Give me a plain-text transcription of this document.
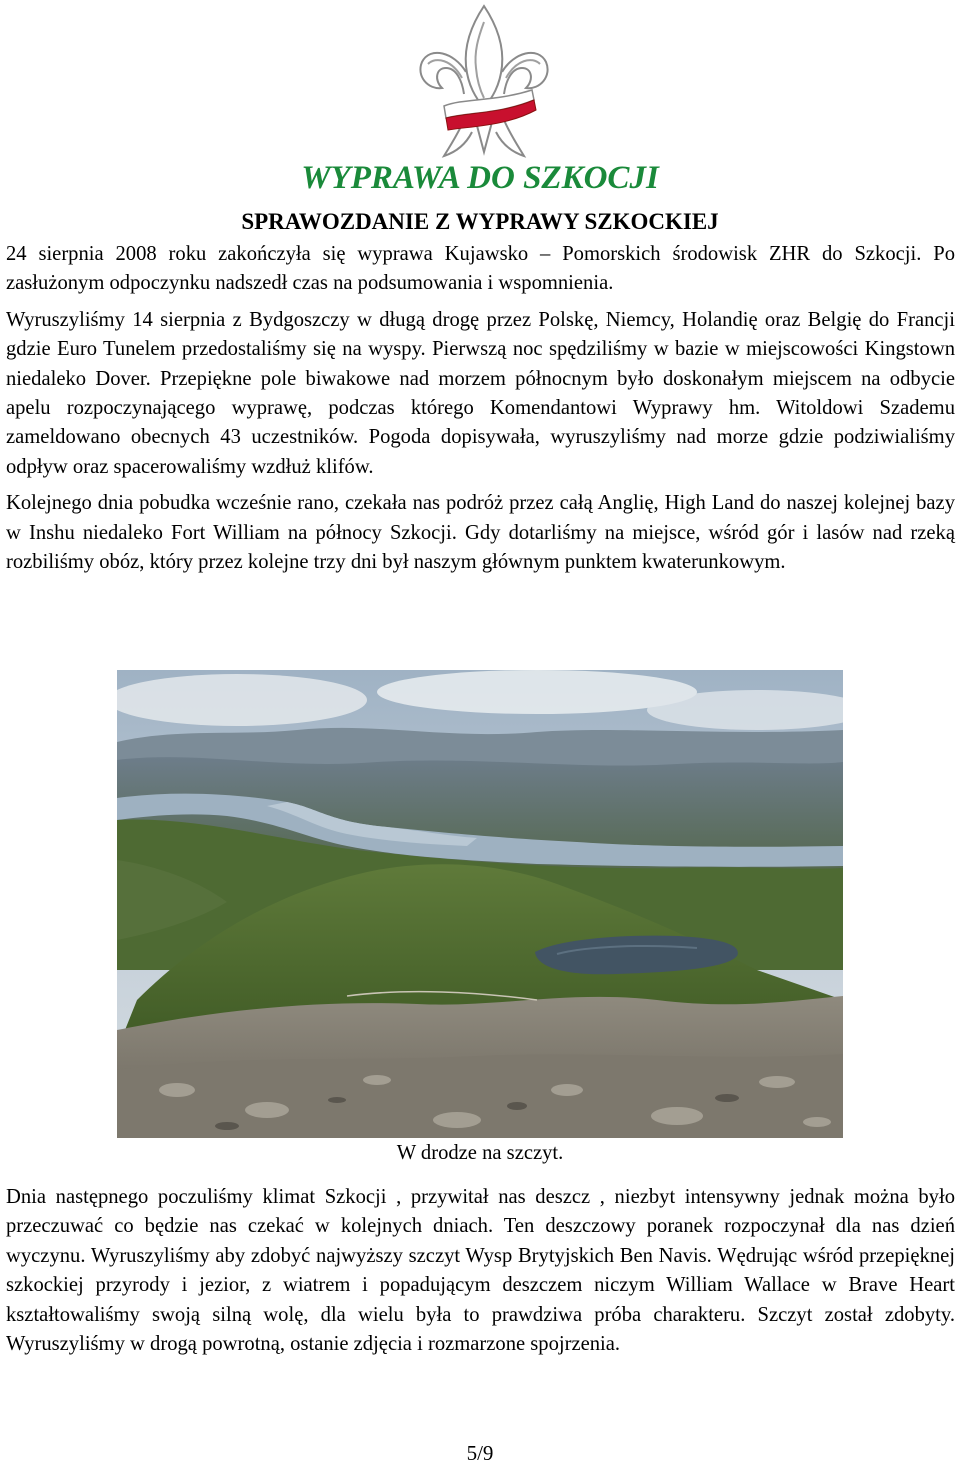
WYPRAWA DO SZKOCJI
SPRAWOZDANIE Z WYPRAWY SZKOCKIEJ

24 sierpnia 2008 roku zakończyła się wyprawa Kujawsko – Pomorskich środowisk ZHR do Szkocji. Po zasłużonym odpoczynku nadszedł czas na podsumowania i wspomnienia.

Wyruszyliśmy 14 sierpnia z Bydgoszczy w długą drogę przez Polskę, Niemcy, Holandię oraz Belgię do Francji gdzie Euro Tunelem przedostaliśmy się na wyspy. Pierwszą noc spędziliśmy w bazie w miejscowości Kingstown niedaleko Dover. Przepiękne pole biwakowe nad morzem północnym było doskonałym miejscem na odbycie apelu rozpoczynającego wyprawę, podczas którego Komendantowi Wyprawy hm. Witoldowi Szademu zameldowano obecnych 43 uczestników. Pogoda dopisywała, wyruszyliśmy nad morze gdzie podziwialiśmy odpływ oraz spacerowaliśmy wzdłuż klifów.

Kolejnego dnia pobudka wcześnie rano, czekała nas podróż przez całą Anglię, High Land do naszej kolejnej bazy w Inshu niedaleko Fort William na północy Szkocji. Gdy dotarliśmy na miejsce, wśród gór i lasów nad rzeką rozbiliśmy obóz, który przez kolejne trzy dni był naszym głównym punktem kwaterunkowym.

W drodze na szczyt.

Dnia następnego poczuliśmy klimat Szkocji , przywitał nas deszcz , niezbyt intensywny jednak można było przeczuwać co będzie nas czekać w kolejnych dniach. Ten deszczowy poranek rozpoczynał dla nas dzień wyczynu. Wyruszyliśmy aby zdobyć najwyższy szczyt Wysp Brytyjskich Ben Navis. Wędrując wśród przepięknej szkockiej przyrody i jezior, z wiatrem i popadującym deszczem niczym William Wallace w Brave Heart kształtowaliśmy swoją silną wolę, dla wielu była to prawdziwa próba charakteru. Szczyt został zdobyty. Wyruszyliśmy w drogą powrotną, ostanie zdjęcia i rozmarzone spojrzenia.

5/9
